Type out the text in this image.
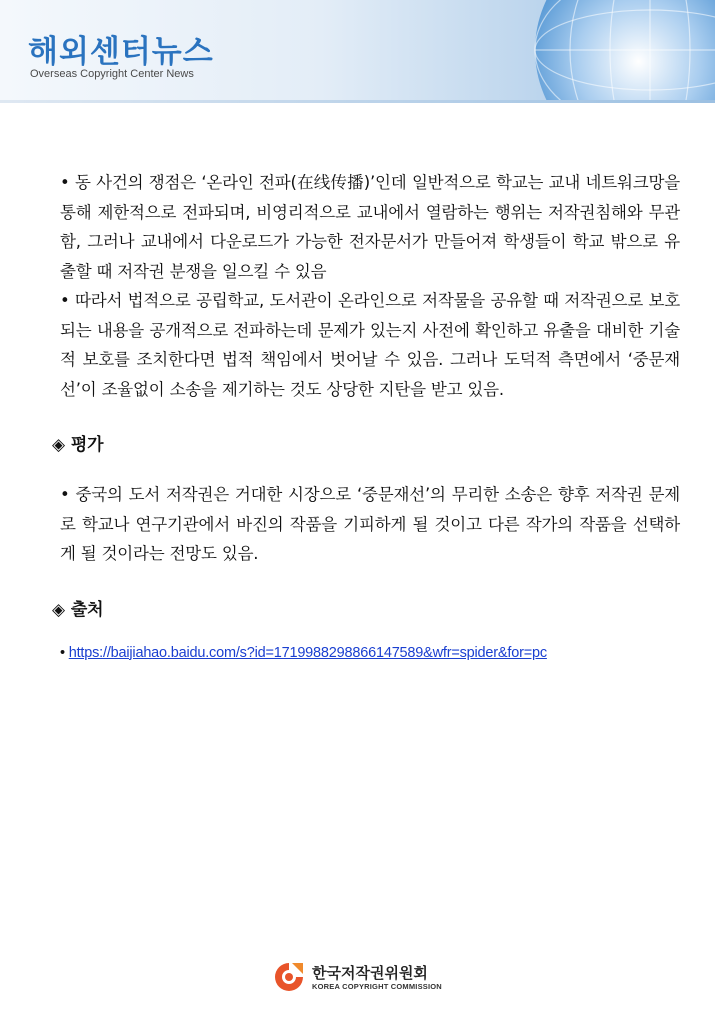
해외센터뉴스
Overseas Copyright Center News

• 동 사건의 쟁점은 ‘온라인 전파(在线传播)’인데 일반적으로 학교는 교내 네트워크망을 통해 제한적으로 전파되며, 비영리적으로 교내에서 열람하는 행위는 저작권침해와 무관함, 그러나 교내에서 다운로드가 가능한 전자문서가 만들어져 학생들이 학교 밖으로 유출할 때 저작권 분쟁을 일으킬 수 있음

• 따라서 법적으로 공립학교, 도서관이 온라인으로 저작물을 공유할 때 저작권으로 보호되는 내용을 공개적으로 전파하는데 문제가 있는지 사전에 확인하고 유출을 대비한 기술적 보호를 조치한다면 법적 책임에서 벗어날 수 있음. 그러나 도덕적 측면에서 ‘중문재선’이 조율없이 소송을 제기하는 것도 상당한 지탄을 받고 있음.

◈ 평가

• 중국의 도서 저작권은 거대한 시장으로 ‘중문재선’의 무리한 소송은 향후 저작권 문제로 학교나 연구기관에서 바진의 작품을 기피하게 될 것이고 다른 작가의 작품을 선택하게 될 것이라는 전망도 있음.

◈ 출처
• https://baijiahao.baidu.com/s?id=1719988298866147589&wfr=spider&for=pc
한국저작권위원회
KOREA COPYRIGHT COMMISSION
